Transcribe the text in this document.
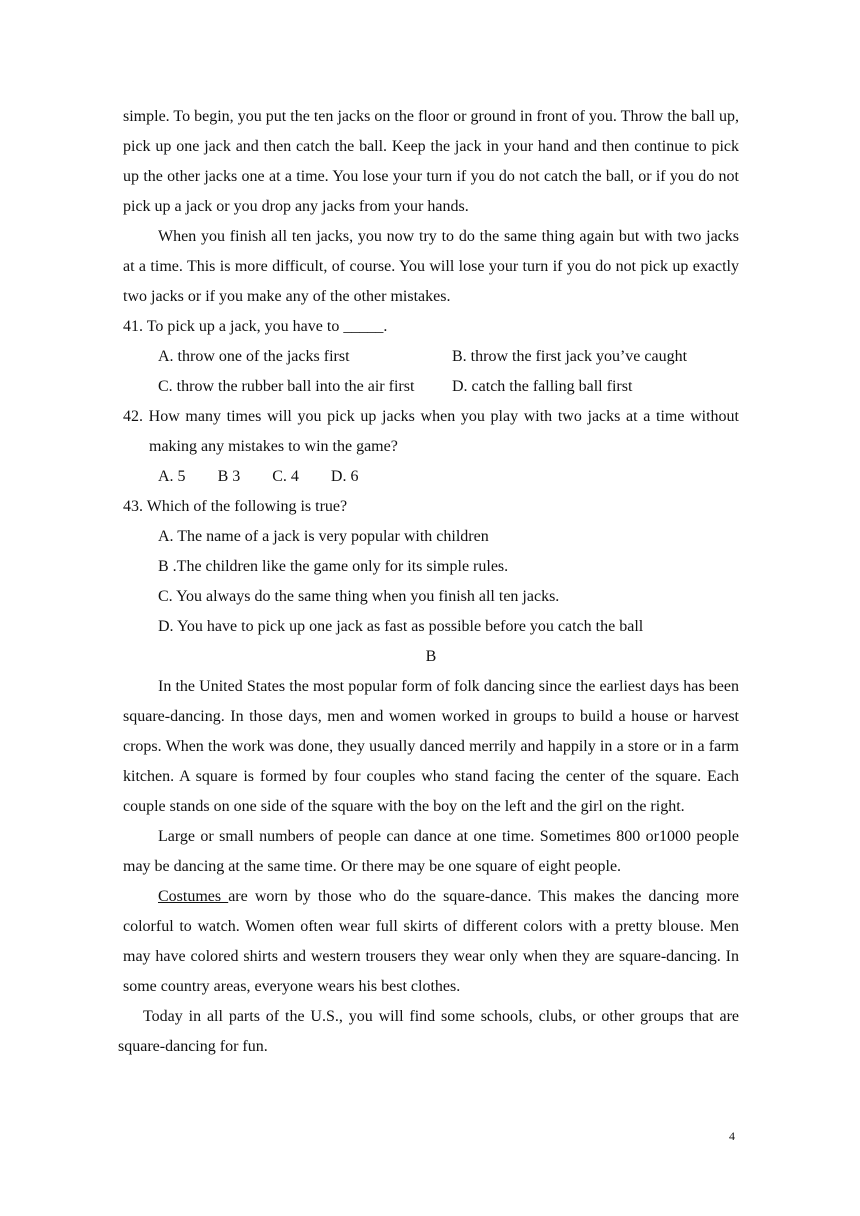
simple. To begin, you put the ten jacks on the floor or ground in front of you. Throw the ball up, pick up one jack and then catch the ball. Keep the jack in your hand and then continue to pick up the other jacks one at a time. You lose your turn if you do not catch the ball, or if you do not pick up a jack or you drop any jacks from your hands.

When you finish all ten jacks, you now try to do the same thing again but with two jacks at a time. This is more difficult, of course. You will lose your turn if you do not pick up exactly two jacks or if you make any of the other mistakes.

41. To pick up a jack, you have to _____.

A. throw one of the jacks first	B. throw the first jack you’ve caught

C. throw the rubber ball into the air first	D. catch the falling ball first

42. How many times will you pick up jacks when you play with two jacks at a time without making any mistakes to win the game?

A. 5 B 3 C. 4 D. 6

43. Which of the following is true?

A. The name of a jack is very popular with children

B .The children like the game only for its simple rules.

C. You always do the same thing when you finish all ten jacks.

D. You have to pick up one jack as fast as possible before you catch the ball

B

In the United States the most popular form of folk dancing since the earliest days has been square-dancing. In those days, men and women worked in groups to build a house or harvest crops. When the work was done, they usually danced merrily and happily in a store or in a farm kitchen. A square is formed by four couples who stand facing the center of the square. Each couple stands on one side of the square with the boy on the left and the girl on the right.

Large or small numbers of people can dance at one time. Sometimes 800 or1000 people may be dancing at the same time. Or there may be one square of eight people.

Costumes are worn by those who do the square-dance. This makes the dancing more colorful to watch. Women often wear full skirts of different colors with a pretty blouse. Men may have colored shirts and western trousers they wear only when they are square-dancing. In some country areas, everyone wears his best clothes.

Today in all parts of the U.S., you will find some schools, clubs, or other groups that are square-dancing for fun.

4
